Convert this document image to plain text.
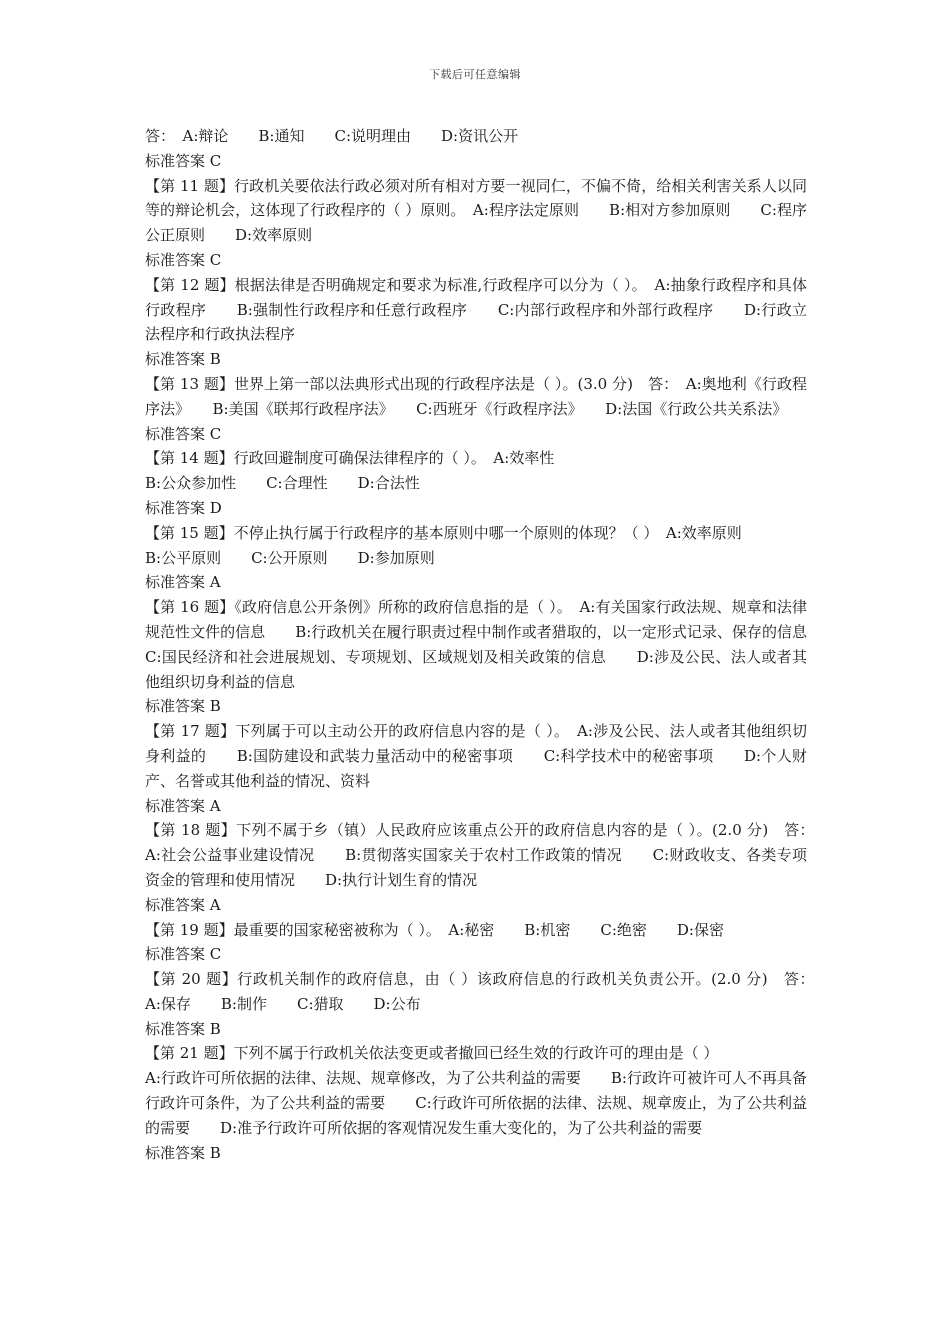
下载后可任意编辑
答：　A:辩论　　B:通知　　C:说明理由　　D:资讯公开
标准答案 C
【第 11 题】行政机关要依法行政必须对所有相对方要一视同仁，不偏不倚，给相关利害关系人以同等的辩论机会，这体现了行政程序的（ ）原则。　A:程序法定原则　　B:相对方参加原则　　C:程序公正原则　　D:效率原则
标准答案 C
【第 12 题】根据法律是否明确规定和要求为标准,行政程序可以分为（ ）。　A:抽象行政程序和具体行政程序　　B:强制性行政程序和任意行政程序　　C:内部行政程序和外部行政程序　　D:行政立法程序和行政执法程序
标准答案 B
【第 13 题】世界上第一部以法典形式出现的行政程序法是（ ）。(3.0 分)　答：　A:奥地利《行政程序法》　　B:美国《联邦行政程序法》　　C:西班牙《行政程序法》　　D:法国《行政公共关系法》
标准答案 C
【第 14 题】行政回避制度可确保法律程序的（ ）。　A:效率性
B:公众参加性　　C:合理性　　D:合法性
标准答案 D
【第 15 题】不停止执行属于行政程序的基本原则中哪一个原则的体现？（ ）　A:效率原则
B:公平原则　　C:公开原则　　D:参加原则
标准答案 A
【第 16 题】《政府信息公开条例》所称的政府信息指的是（ ）。　A:有关国家行政法规、规章和法律规范性文件的信息　　B:行政机关在履行职责过程中制作或者猎取的，以一定形式记录、保存的信息　　C:国民经济和社会进展规划、专项规划、区域规划及相关政策的信息　　D:涉及公民、法人或者其他组织切身利益的信息
标准答案 B
【第 17 题】下列属于可以主动公开的政府信息内容的是（ ）。　A:涉及公民、法人或者其他组织切身利益的　　B:国防建设和武装力量活动中的秘密事项　　C:科学技术中的秘密事项　　D:个人财产、名誉或其他利益的情况、资料
标准答案 A
【第 18 题】下列不属于乡（镇）人民政府应该重点公开的政府信息内容的是（ ）。(2.0 分)　答：　A:社会公益事业建设情况　　B:贯彻落实国家关于农村工作政策的情况　　C:财政收支、各类专项资金的管理和使用情况　　D:执行计划生育的情况
标准答案 A
【第 19 题】最重要的国家秘密被称为（ ）。　A:秘密　　B:机密　　C:绝密　　D:保密
标准答案 C
【第 20 题】行政机关制作的政府信息，由（ ）该政府信息的行政机关负责公开。(2.0 分)　答：　A:保存　　B:制作　　C:猎取　　D:公布
标准答案 B
【第 21 题】下列不属于行政机关依法变更或者撤回已经生效的行政许可的理由是（ ）
A:行政许可所依据的法律、法规、规章修改，为了公共利益的需要　　B:行政许可被许可人不再具备行政许可条件，为了公共利益的需要　　C:行政许可所依据的法律、法规、规章废止，为了公共利益的需要　　D:准予行政许可所依据的客观情况发生重大变化的，为了公共利益的需要
标准答案 B
